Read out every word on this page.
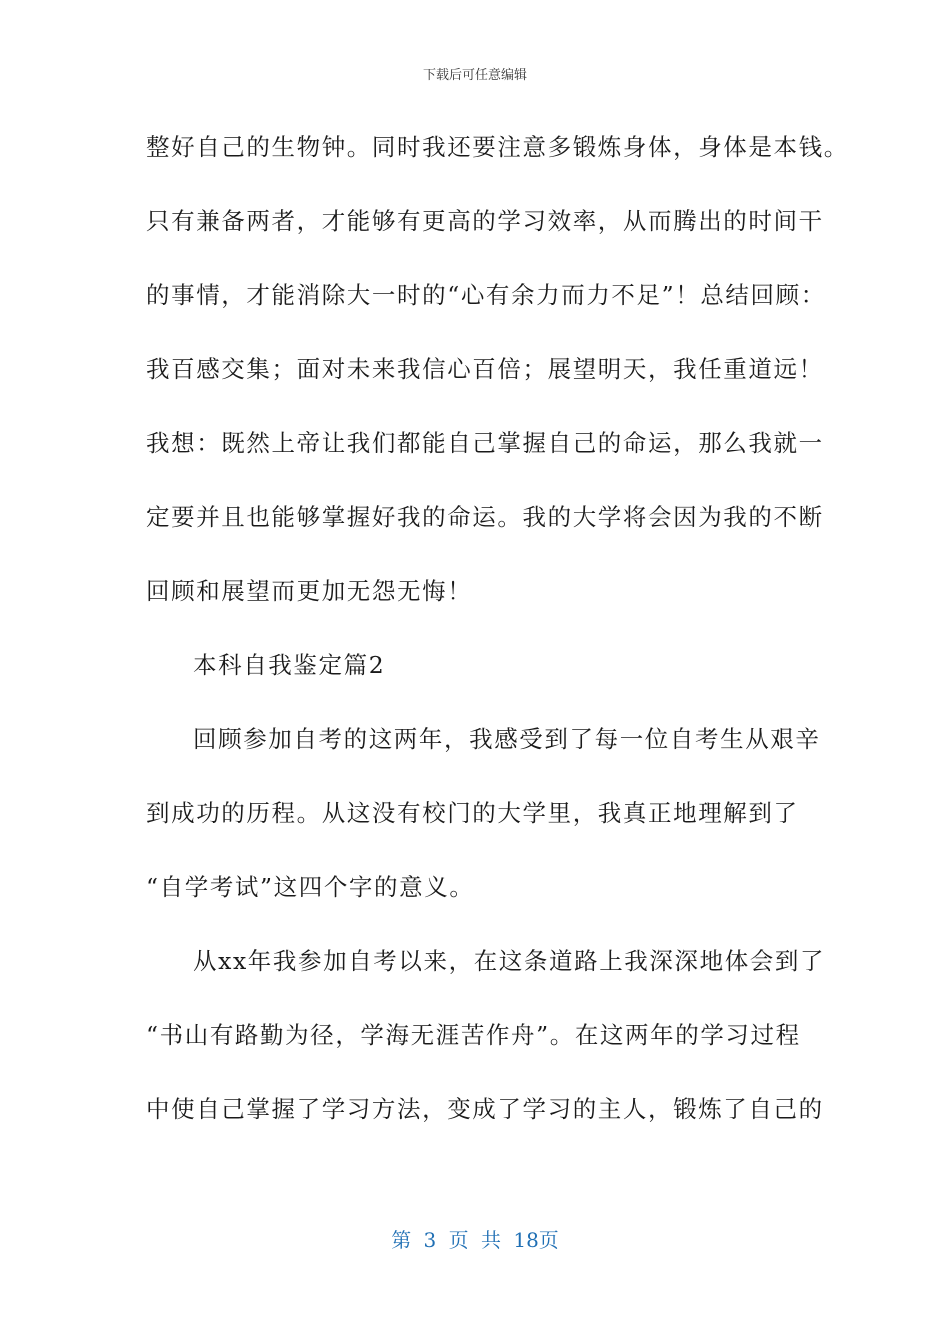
下载后可任意编辑
整好自己的生物钟。同时我还要注意多锻炼身体，身体是本钱。
只有兼备两者，才能够有更高的学习效率，从而腾出的时间干
的事情，才能消除大一时的“心有余力而力不足”！总结回顾：
我百感交集；面对未来我信心百倍；展望明天，我任重道远！
我想：既然上帝让我们都能自己掌握自己的命运，那么我就一
定要并且也能够掌握好我的命运。我的大学将会因为我的不断
回顾和展望而更加无怨无悔！
本科自我鉴定篇2
回顾参加自考的这两年，我感受到了每一位自考生从艰辛
到成功的历程。从这没有校门的大学里，我真正地理解到了
“自学考试”这四个字的意义。
从xx年我参加自考以来，在这条道路上我深深地体会到了
“书山有路勤为径，学海无涯苦作舟”。在这两年的学习过程
中使自己掌握了学习方法，变成了学习的主人，锻炼了自己的
第 3 页 共 18页
